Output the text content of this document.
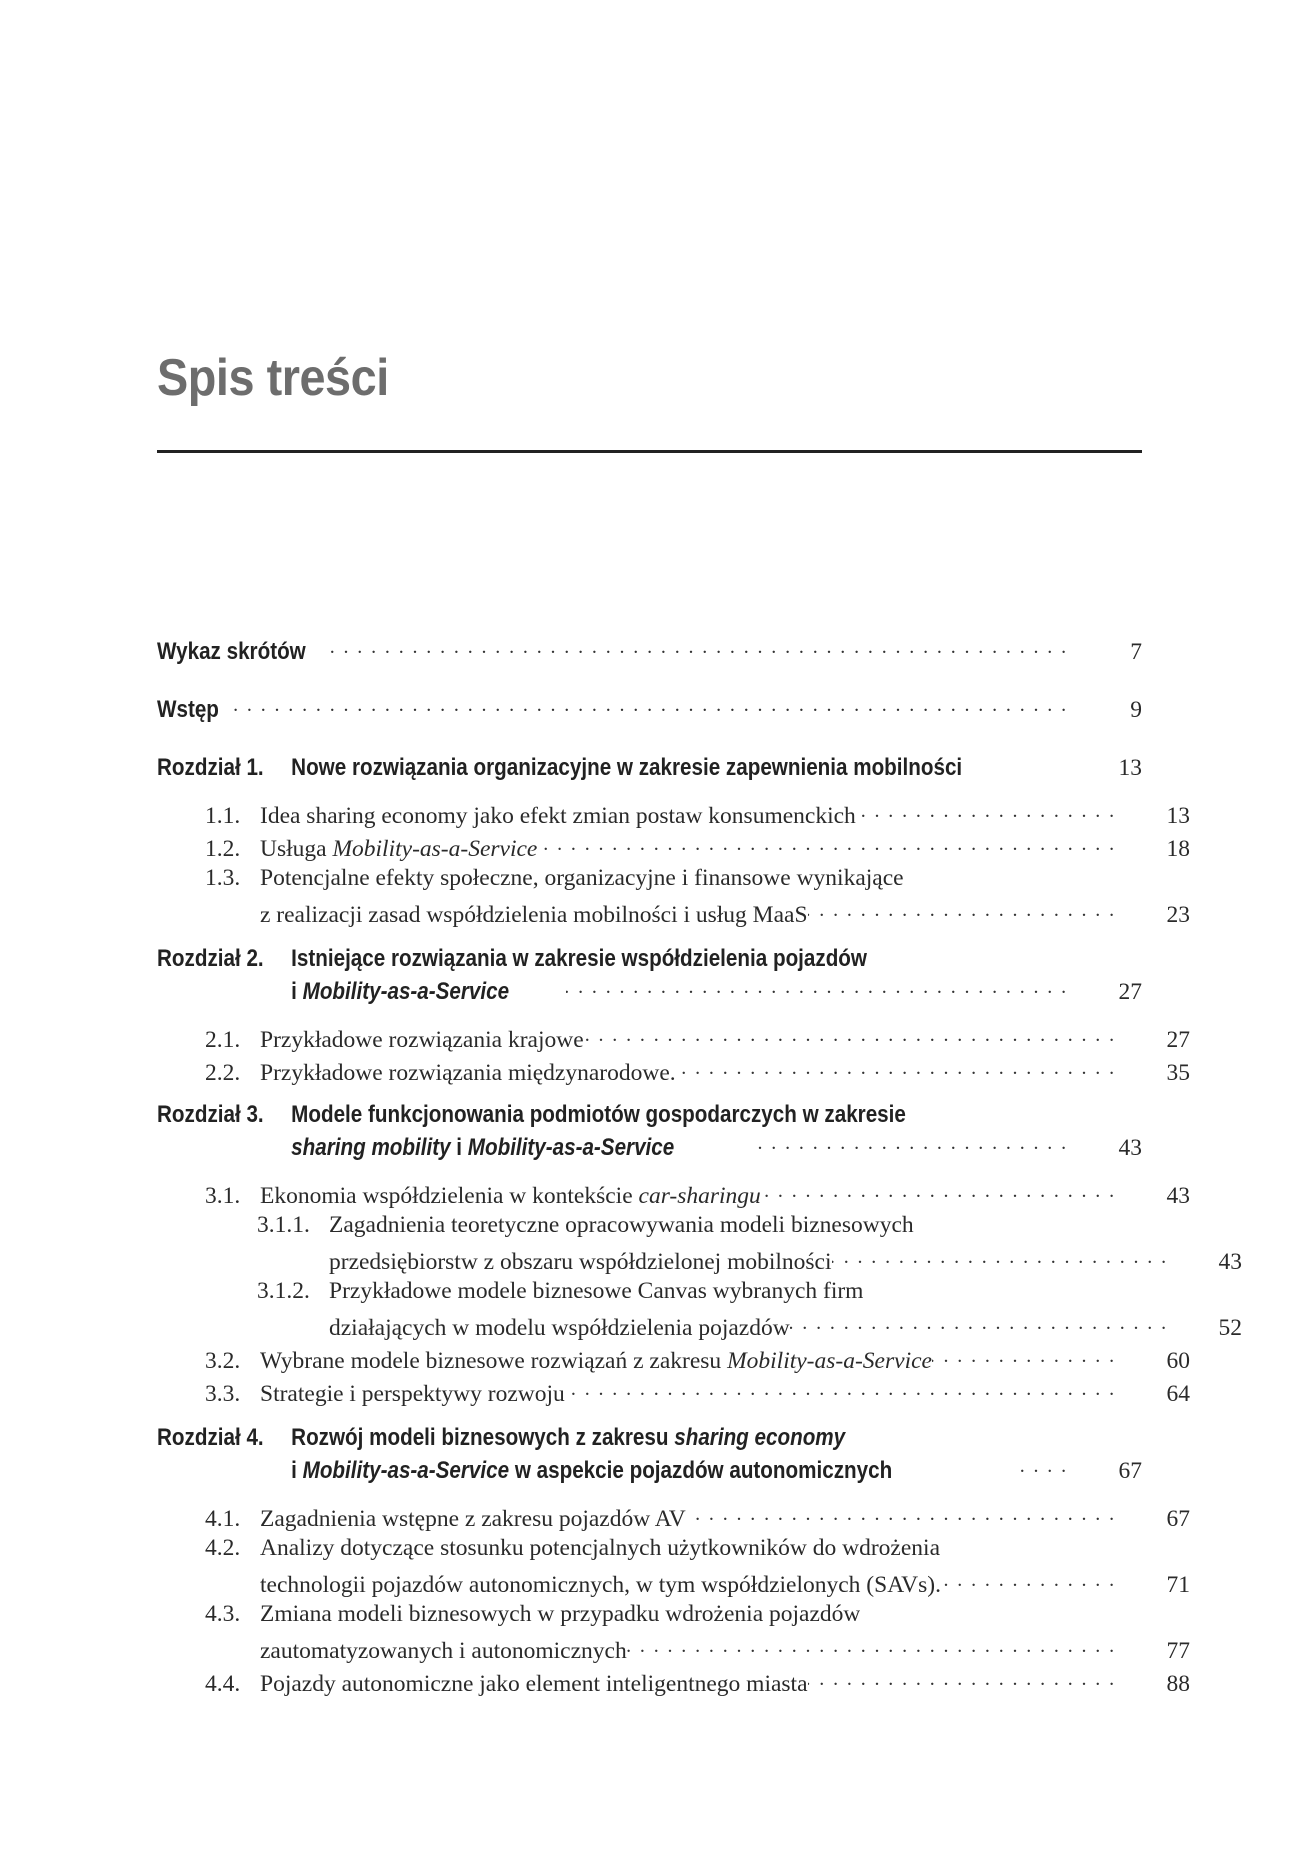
Spis treści
Wykaz skrótów . . .	7
Wstęp . . .	9
Rozdział 1. Nowe rozwiązania organizacyjne w zakresie zapewnienia mobilności	13
1.1. Idea sharing economy jako efekt zmian postaw konsumenckich . . .	13
1.2. Usługa Mobility-as-a-Service . . .	18
1.3. Potencjalne efekty społeczne, organizacyjne i finansowe wynikające
z realizacji zasad współdzielenia mobilności i usług MaaS . . .	23
Rozdział 2. Istniejące rozwiązania w zakresie współdzielenia pojazdów
i Mobility-as-a-Service . . .	27
2.1. Przykładowe rozwiązania krajowe . . .	27
2.2. Przykładowe rozwiązania międzynarodowe. . . .	35
Rozdział 3. Modele funkcjonowania podmiotów gospodarczych w zakresie
sharing mobility i Mobility-as-a-Service . . .	43
3.1. Ekonomia współdzielenia w kontekście car-sharingu . . .	43
3.1.1. Zagadnienia teoretyczne opracowywania modeli biznesowych
przedsiębiorstw z obszaru współdzielonej mobilności . . .	43
3.1.2. Przykładowe modele biznesowe Canvas wybranych firm
działających w modelu współdzielenia pojazdów . . .	52
3.2. Wybrane modele biznesowe rozwiązań z zakresu Mobility-as-a-Service . . .	60
3.3. Strategie i perspektywy rozwoju . . .	64
Rozdział 4. Rozwój modeli biznesowych z zakresu sharing economy
i Mobility-as-a-Service w aspekcie pojazdów autonomicznych . . .	67
4.1. Zagadnienia wstępne z zakresu pojazdów AV . . .	67
4.2. Analizy dotyczące stosunku potencjalnych użytkowników do wdrożenia
technologii pojazdów autonomicznych, w tym współdzielonych (SAVs). . . .	71
4.3. Zmiana modeli biznesowych w przypadku wdrożenia pojazdów
zautomatyzowanych i autonomicznych . . .	77
4.4. Pojazdy autonomiczne jako element inteligentnego miasta . . .	88
